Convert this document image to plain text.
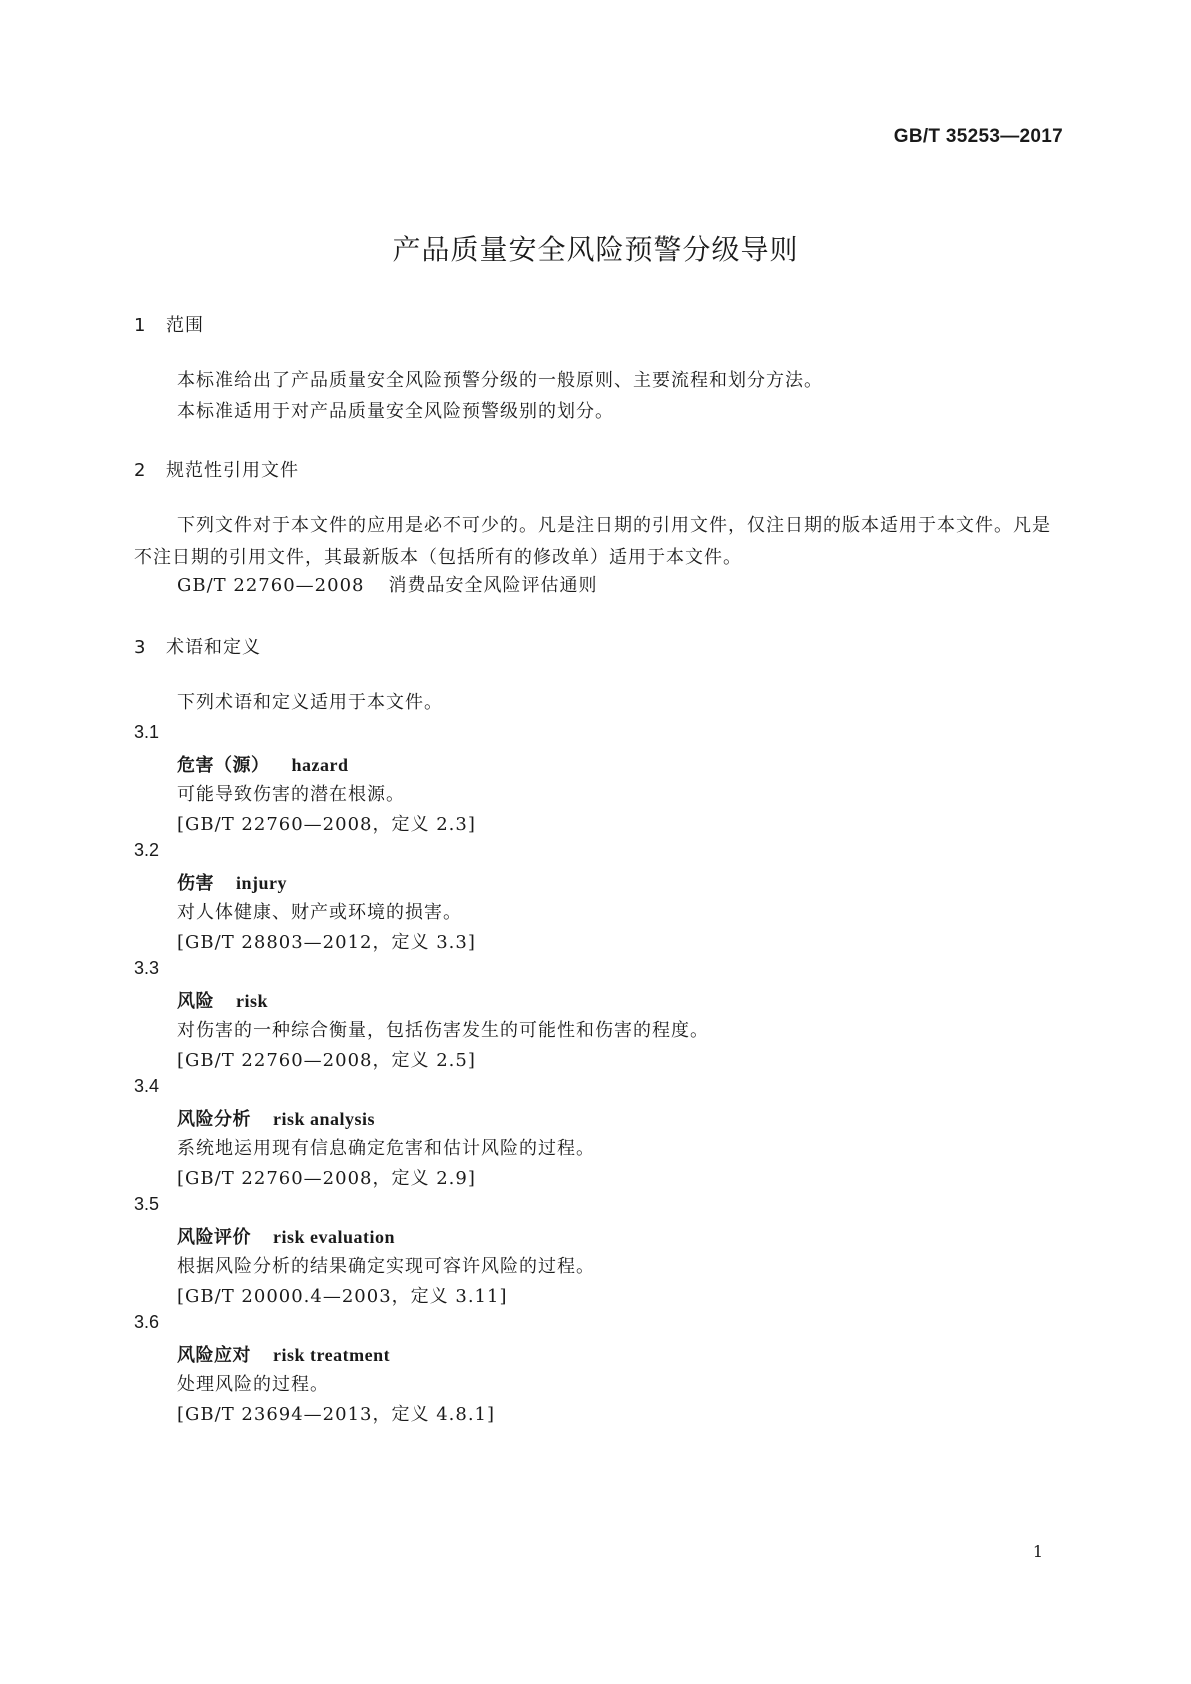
GB/T 35253—2017
产品质量安全风险预警分级导则
1 范围
本标准给出了产品质量安全风险预警分级的一般原则、主要流程和划分方法。
本标准适用于对产品质量安全风险预警级别的划分。
2 规范性引用文件
下列文件对于本文件的应用是必不可少的。凡是注日期的引用文件，仅注日期的版本适用于本文件。凡是不注日期的引用文件，其最新版本（包括所有的修改单）适用于本文件。
GB/T 22760—2008 消费品安全风险评估通则
3 术语和定义
下列术语和定义适用于本文件。
3.1
危害（源） hazard
可能导致伤害的潜在根源。
[GB/T 22760—2008，定义 2.3]
3.2
伤害 injury
对人体健康、财产或环境的损害。
[GB/T 28803—2012，定义 3.3]
3.3
风险 risk
对伤害的一种综合衡量，包括伤害发生的可能性和伤害的程度。
[GB/T 22760—2008，定义 2.5]
3.4
风险分析 risk analysis
系统地运用现有信息确定危害和估计风险的过程。
[GB/T 22760—2008，定义 2.9]
3.5
风险评价 risk evaluation
根据风险分析的结果确定实现可容许风险的过程。
[GB/T 20000.4—2003，定义 3.11]
3.6
风险应对 risk treatment
处理风险的过程。
[GB/T 23694—2013，定义 4.8.1]
1
